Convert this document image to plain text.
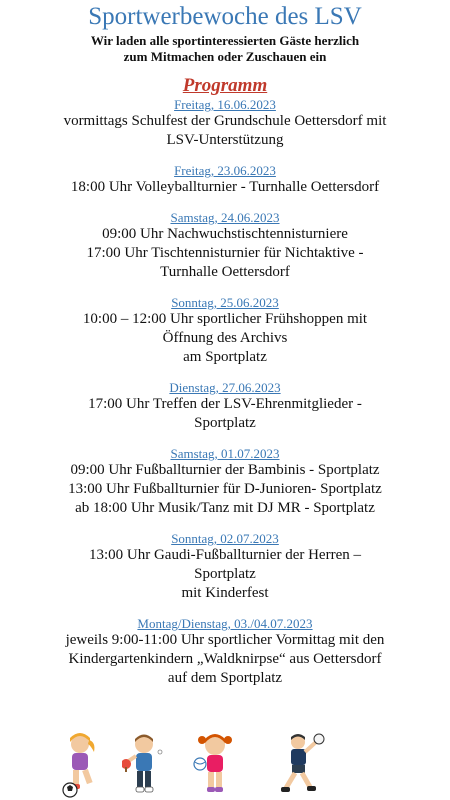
Sportwerbewoche des LSV
Wir laden alle sportinteressierten Gäste herzlich
zum Mitmachen oder Zuschauen ein
Programm
Freitag, 16.06.2023
vormittags Schulfest der Grundschule Oettersdorf mit
LSV-Unterstützung
Freitag, 23.06.2023
18:00 Uhr Volleyballturnier - Turnhalle Oettersdorf
Samstag, 24.06.2023
09:00 Uhr Nachwuchstischtennisturniere
17:00 Uhr Tischtennisturnier für Nichtaktive -
Turnhalle Oettersdorf
Sonntag, 25.06.2023
10:00 – 12:00 Uhr sportlicher Frühshoppen mit
Öffnung des Archivs
am Sportplatz
Dienstag, 27.06.2023
17:00 Uhr Treffen der LSV-Ehrenmitglieder -
Sportplatz
Samstag, 01.07.2023
09:00 Uhr Fußballturnier der Bambinis - Sportplatz
13:00 Uhr Fußballturnier für D-Junioren- Sportplatz
ab 18:00 Uhr Musik/Tanz mit DJ MR - Sportplatz
Sonntag, 02.07.2023
13:00 Uhr Gaudi-Fußballturnier der Herren –
Sportplatz
mit Kinderfest
Montag/Dienstag, 03./04.07.2023
jeweils 9:00-11:00 Uhr sportlicher Vormittag mit den
Kindergartenkindern „Waldknirpse“ aus Oettersdorf
auf dem Sportplatz
